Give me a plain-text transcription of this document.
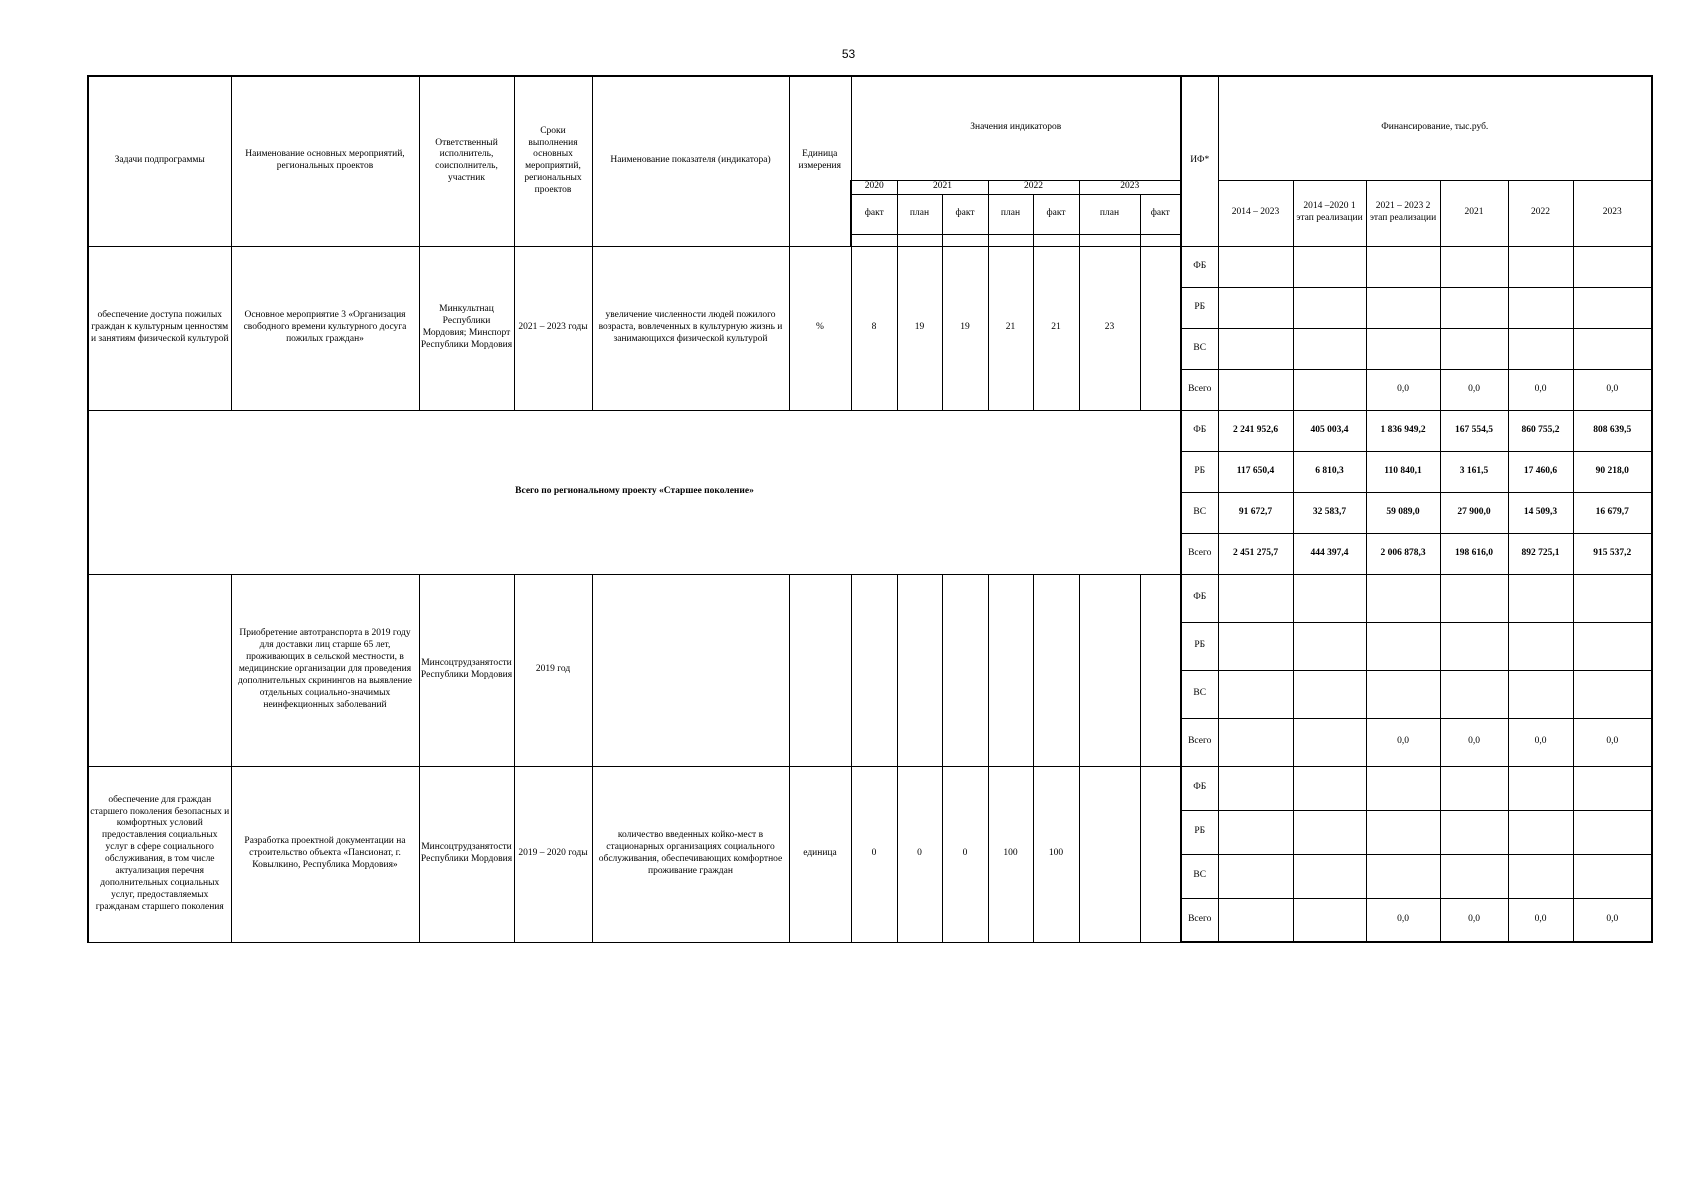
53
Задачи подпрограммы	Наименование основных мероприятий, региональных проектов	Ответственный исполнитель, соисполнитель, участник	Сроки выполнения основных мероприятий, региональных проектов	Наименование показателя (индикатора)	Единица измерения	Значения индикаторов							ИФ*	Финансирование, тыс.руб.					
						2020	2021		2022		2023			2014 – 2023	2014 –2020 1 этап реализации	2021 – 2023 2 этап реализации	2021	2022	2023
						факт	план	факт	план	факт	план	факт							

обеспечение доступа пожилых граждан к культурным ценностям и занятиям физической культурой	Основное мероприятие 3 «Организация свободного времени культурного досуга пожилых граждан»	Минкультнац Республики Мордовия; Минспорт Республики Мордовия	2021 – 2023 годы	увеличение численности людей пожилого возраста, вовлеченных в культурную жизнь и занимающихся физической культурой	%	8	19	19	21	21	23		ФБ						
													РБ						
													ВС						
													Всего			0,0	0,0	0,0	0,0
Всего по региональному проекту «Старшее поколение»													ФБ	2 241 952,6	405 003,4	1 836 949,2	167 554,5	860 755,2	808 639,5
													РБ	117 650,4	6 810,3	110 840,1	3 161,5	17 460,6	90 218,0
													ВС	91 672,7	32 583,7	59 089,0	27 900,0	14 509,3	16 679,7
													Всего	2 451 275,7	444 397,4	2 006 878,3	198 616,0	892 725,1	915 537,2
	Приобретение автотранспорта в 2019 году для доставки лиц старше 65 лет, проживающих в сельской местности, в медицинские организации для проведения дополнительных скринингов на выявление отдельных социально-значимых неинфекционных заболеваний	Минсоцтрудзанятости Республики Мордовия	2019 год										ФБ						
													РБ						
													ВС						
													Всего			0,0	0,0	0,0	0,0
обеспечение для граждан старшего поколения безопасных и комфортных условий предоставления социальных услуг в сфере социального обслуживания, в том числе актуализация перечня дополнительных социальных услуг, предоставляемых гражданам старшего поколения	Разработка проектной документации на строительство объекта «Пансионат, г. Ковылкино, Республика Мордовия»	Минсоцтрудзанятости Республики Мордовия	2019 – 2020 годы	количество введенных койко-мест в стационарных организациях социального обслуживания, обеспечивающих комфортное проживание граждан	единица	0	0	0	100	100			ФБ						
													РБ						
													ВС						
													Всего			0,0	0,0	0,0	0,0
